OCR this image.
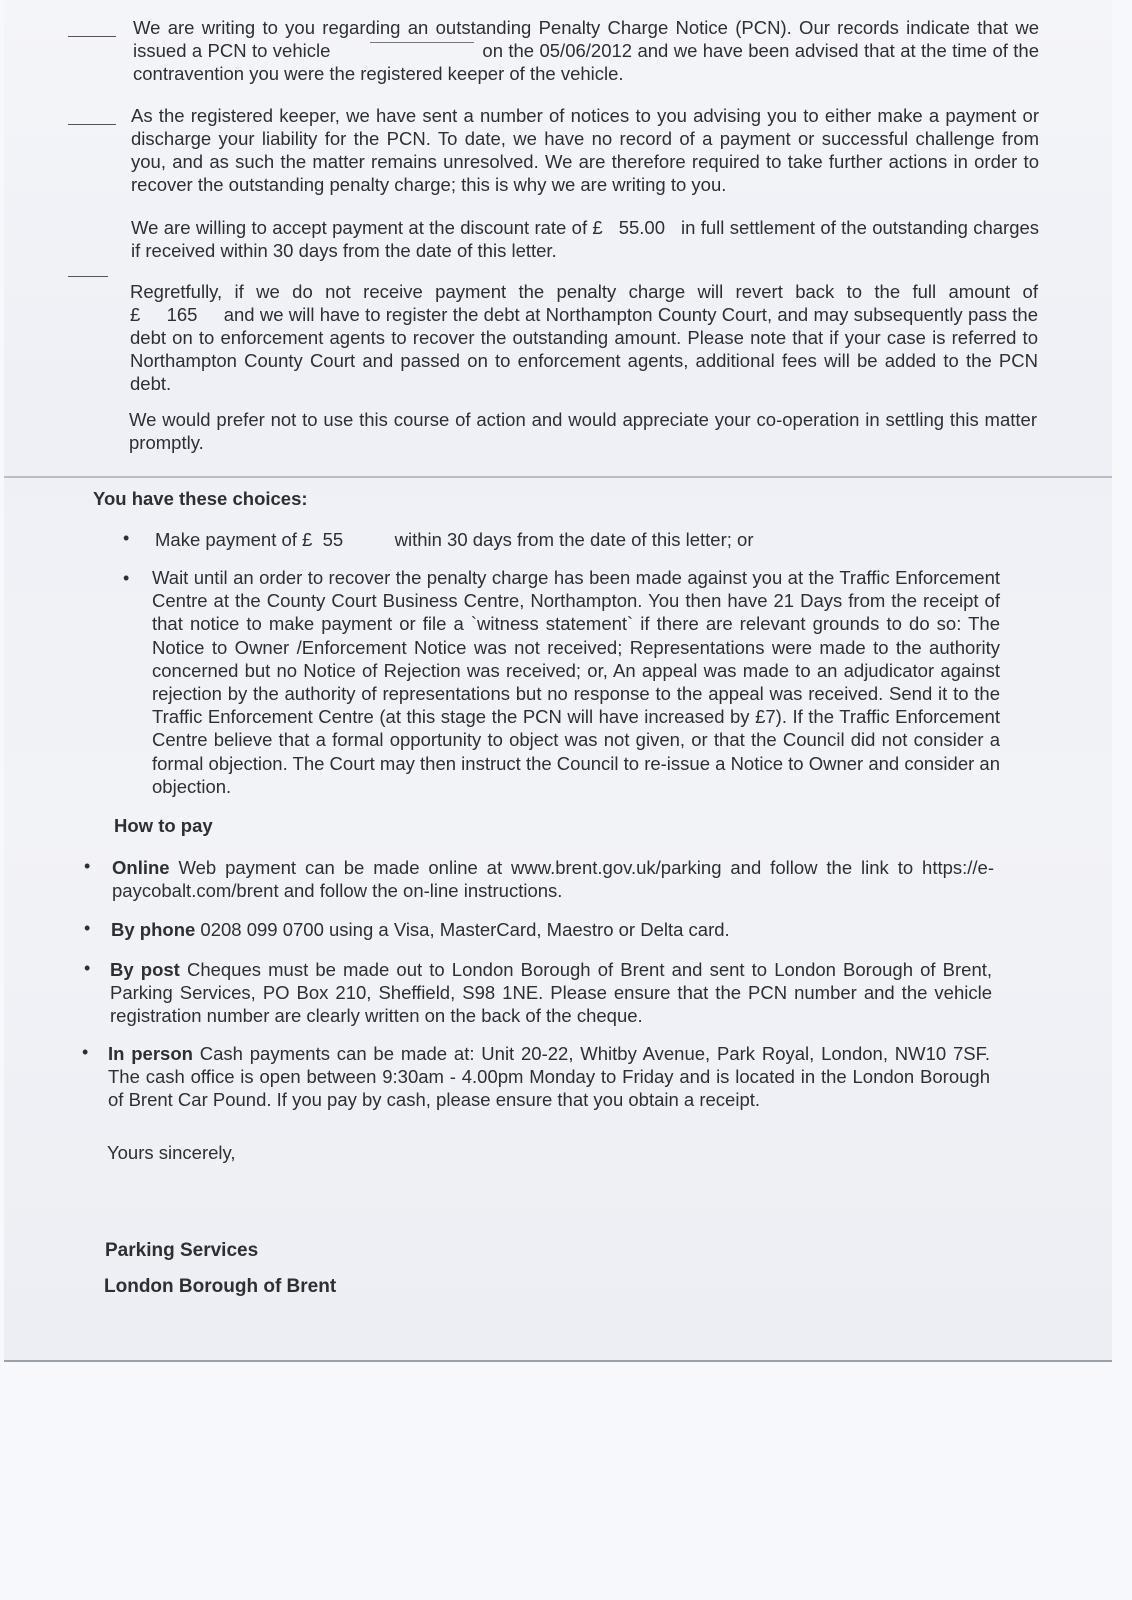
We are writing to you regarding an outstanding Penalty Charge Notice (PCN). Our records indicate that we issued a PCN to vehicle	on the 05/06/2012 and we have been advised that at the time of the contravention you were the registered keeper of the vehicle.
As the registered keeper, we have sent a number of notices to you advising you to either make a payment or discharge your liability for the PCN. To date, we have no record of a payment or successful challenge from you, and as such the matter remains unresolved. We are therefore required to take further actions in order to recover the outstanding penalty charge; this is why we are writing to you.
We are willing to accept payment at the discount rate of £ 55.00 in full settlement of the outstanding charges if received within 30 days from the date of this letter.
Regretfully, if we do not receive payment the penalty charge will revert back to the full amount of £ 165 and we will have to register the debt at Northampton County Court, and may subsequently pass the debt on to enforcement agents to recover the outstanding amount. Please note that if your case is referred to Northampton County Court and passed on to enforcement agents, additional fees will be added to the PCN debt.
We would prefer not to use this course of action and would appreciate your co-operation in settling this matter promptly.
You have these choices:
• Make payment of £ 55	within 30 days from the date of this letter; or
• Wait until an order to recover the penalty charge has been made against you at the Traffic Enforcement Centre at the County Court Business Centre, Northampton. You then have 21 Days from the receipt of that notice to make payment or file a `witness statement` if there are relevant grounds to do so: The Notice to Owner /Enforcement Notice was not received; Representations were made to the authority concerned but no Notice of Rejection was received; or, An appeal was made to an adjudicator against rejection by the authority of representations but no response to the appeal was received. Send it to the Traffic Enforcement Centre (at this stage the PCN will have increased by £7). If the Traffic Enforcement Centre believe that a formal opportunity to object was not given, or that the Council did not consider a formal objection. The Court may then instruct the Council to re-issue a Notice to Owner and consider an objection.
How to pay
• Online Web payment can be made online at www.brent.gov.uk/parking and follow the link to https://e-paycobalt.com/brent and follow the on-line instructions.
• By phone 0208 099 0700 using a Visa, MasterCard, Maestro or Delta card.
• By post Cheques must be made out to London Borough of Brent and sent to London Borough of Brent, Parking Services, PO Box 210, Sheffield, S98 1NE. Please ensure that the PCN number and the vehicle registration number are clearly written on the back of the cheque.
• In person Cash payments can be made at: Unit 20-22, Whitby Avenue, Park Royal, London, NW10 7SF. The cash office is open between 9:30am - 4.00pm Monday to Friday and is located in the London Borough of Brent Car Pound. If you pay by cash, please ensure that you obtain a receipt.
Yours sincerely,
Parking Services
London Borough of Brent
